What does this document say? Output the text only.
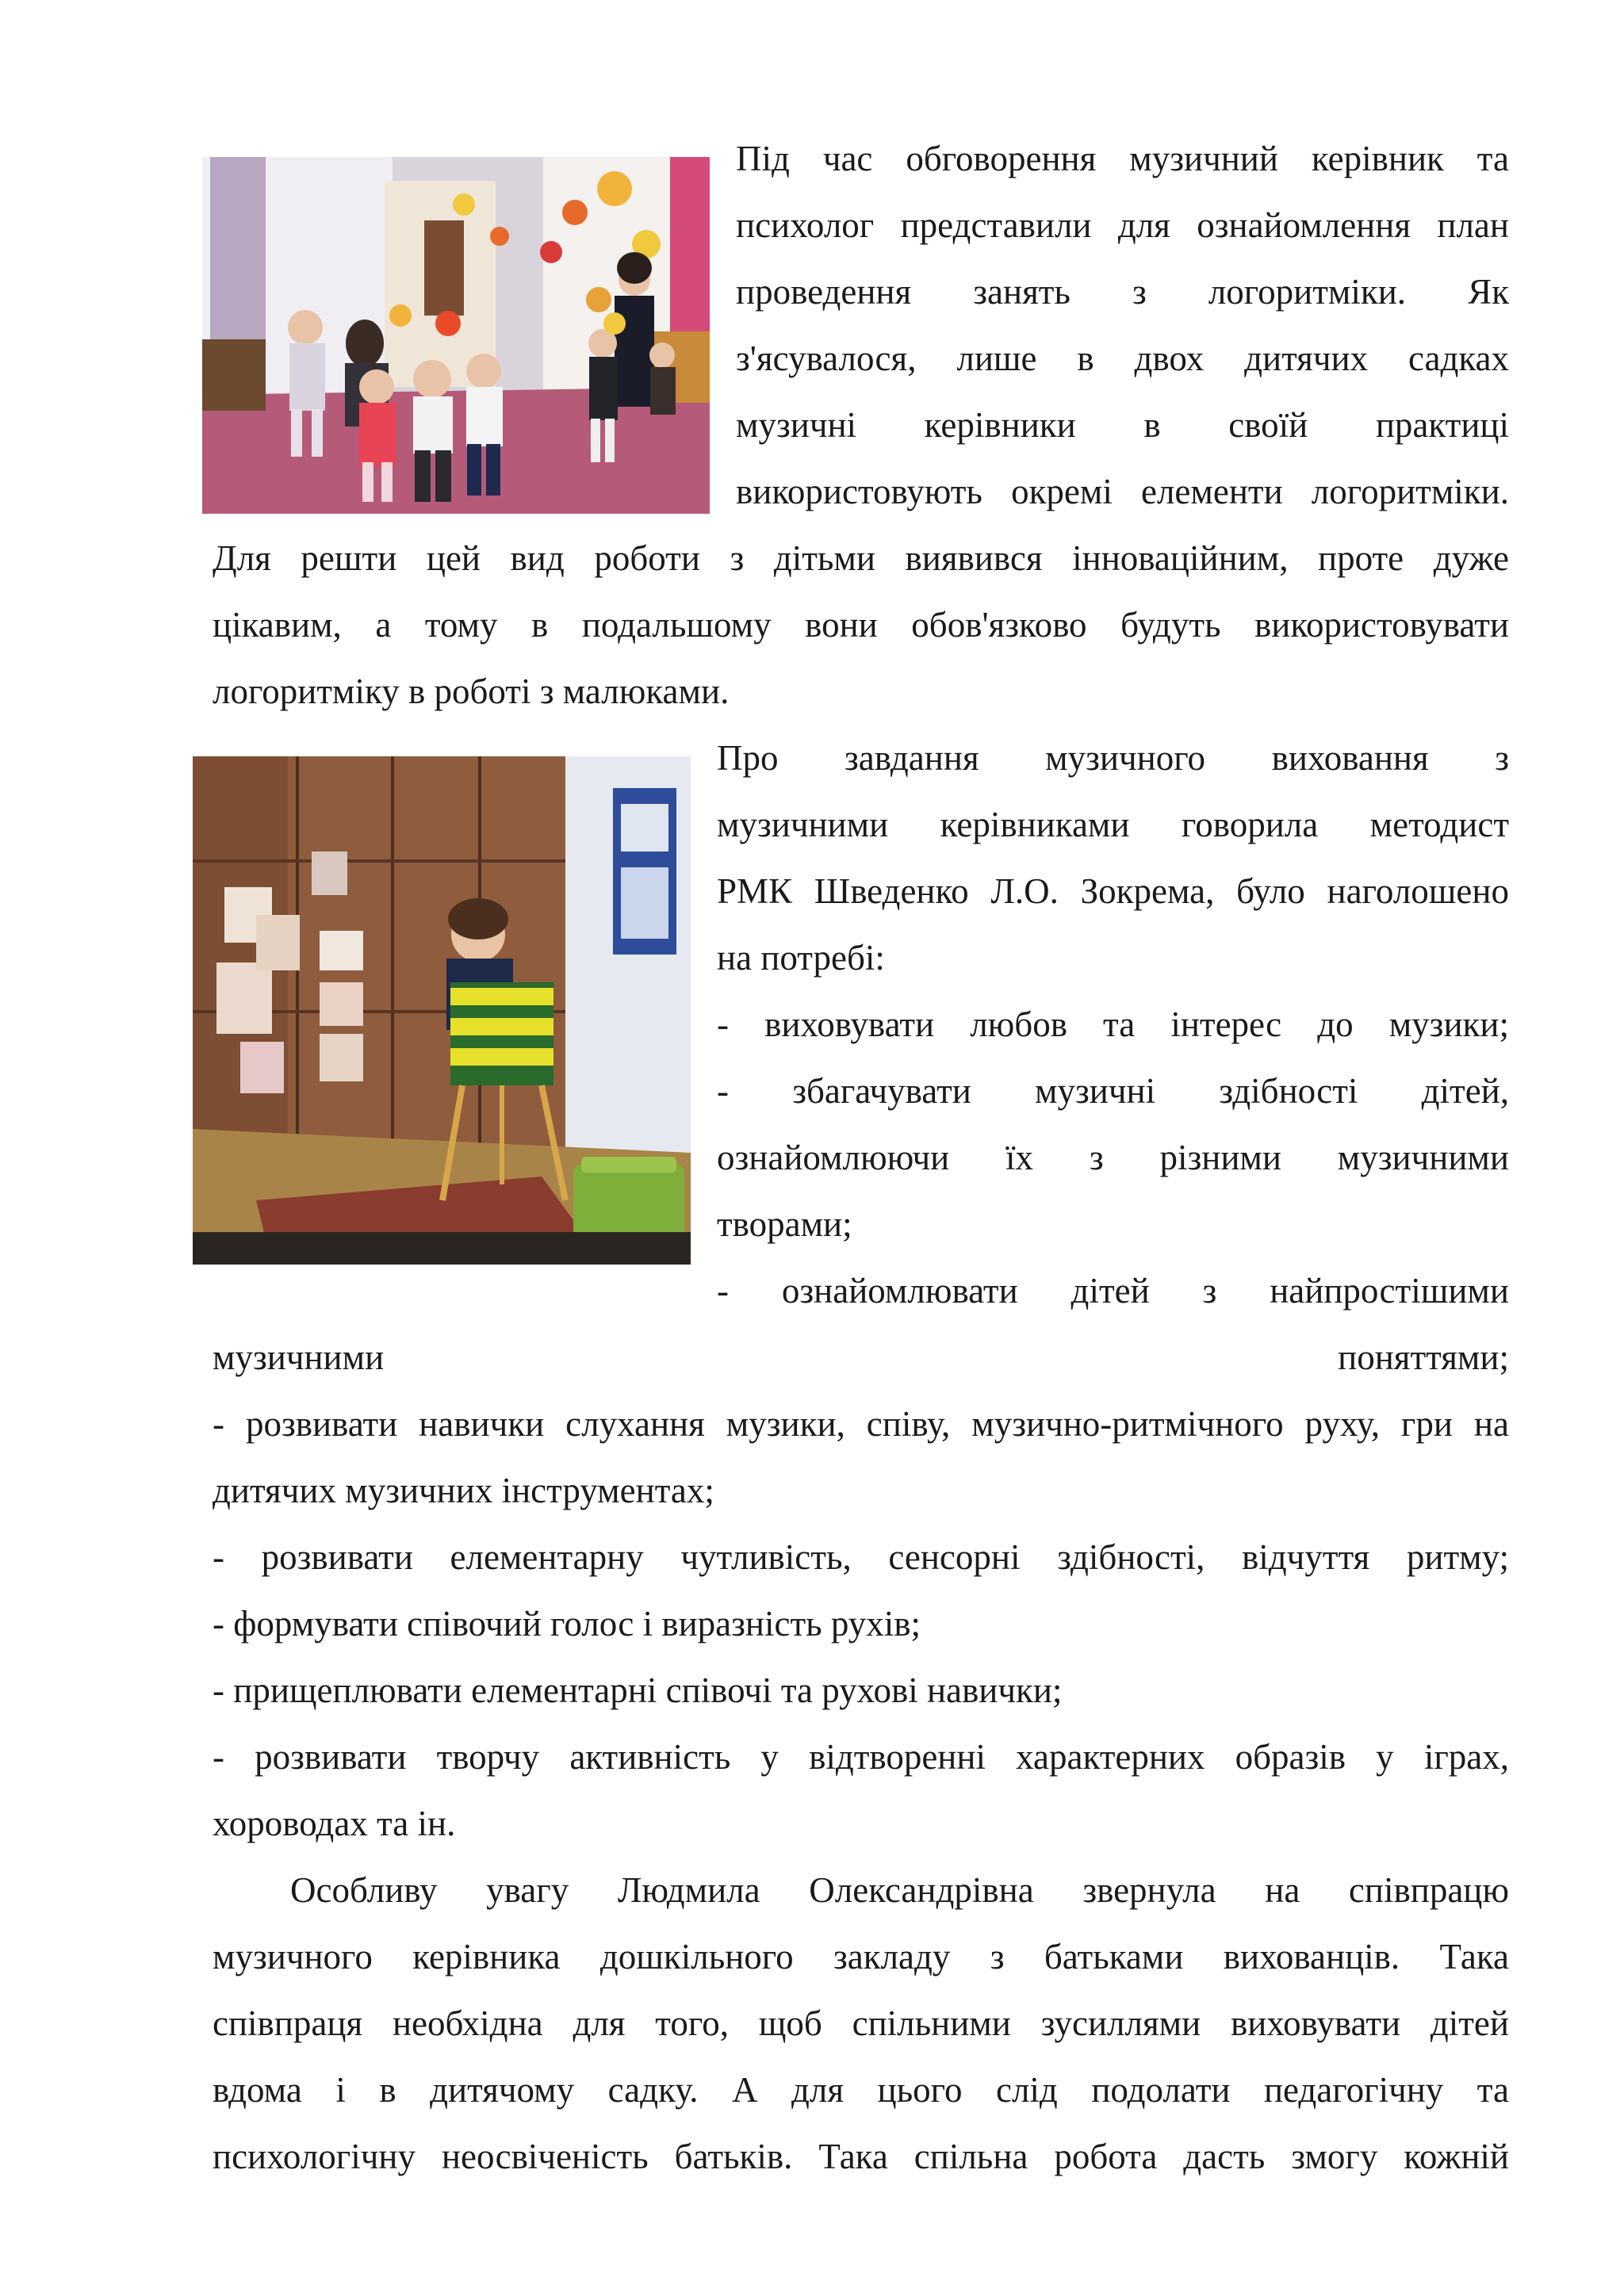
Під час обговорення музичний керівник та
психолог представили для ознайомлення план
проведення занять з логоритміки. Як
з'ясувалося, лише в двох дитячих садках
музичні керівники в своїй практиці
використовують окремі елементи логоритміки.
Для решти цей вид роботи з дітьми виявився інноваційним, проте дуже
цікавим, а тому в подальшому вони обов'язково будуть використовувати
логоритміку в роботі з малюками.
Про завдання музичного виховання з
музичними керівниками говорила методист
РМК Шведенко Л.О. Зокрема, було наголошено
на потребі:
- виховувати любов та інтерес до музики;
- збагачувати музичні здібності дітей,
ознайомлюючи їх з різними музичними
творами;
- ознайомлювати дітей з найпростішими
музичними поняттями;
- розвивати навички слухання музики, співу, музично-ритмічного руху, гри на
дитячих музичних інструментах;
- розвивати елементарну чутливість, сенсорні здібності, відчуття ритму;
- формувати співочий голос і виразність рухів;
- прищеплювати елементарні співочі та рухові навички;
- розвивати творчу активність у відтворенні характерних образів у іграх,
хороводах та ін.
Особливу увагу Людмила Олександрівна звернула на співпрацю
музичного керівника дошкільного закладу з батьками вихованців. Така
співпраця необхідна для того, щоб спільними зусиллями виховувати дітей
вдома і в дитячому садку. А для цього слід подолати педагогічну та
психологічну неосвіченість батьків. Така спільна робота дасть змогу кожній
